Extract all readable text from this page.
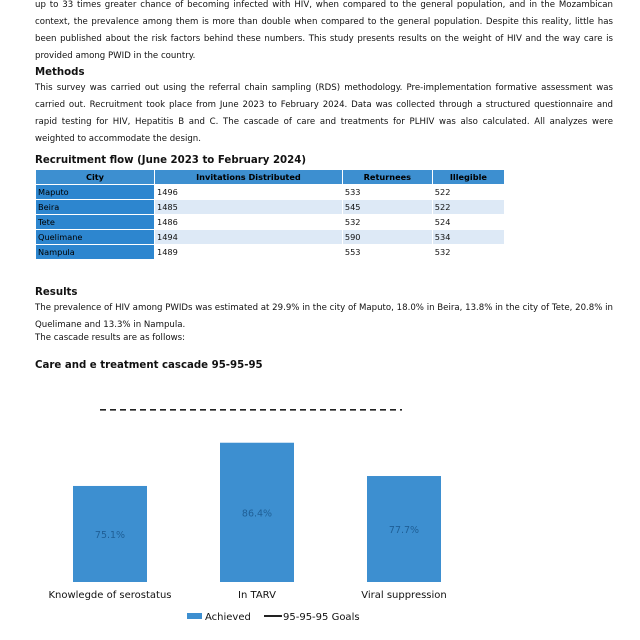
up to 33 times greater chance of becoming infected with HIV, when compared to the general population, and in the Mozambican context, the prevalence among them is more than double when compared to the general population. Despite this reality, little has been published about the risk factors behind these numbers. This study presents results on the weight of HIV and the way care is provided among PWID in the country.

Methods

This survey was carried out using the referral chain sampling (RDS) methodology. Pre-implementation formative assessment was carried out. Recruitment took place from June 2023 to February 2024. Data was collected through a structured questionnaire and rapid testing for HIV, Hepatitis B and C. The cascade of care and treatments for PLHIV was also calculated. All analyzes were weighted to accommodate the design.

Recruitment flow (June 2023 to February 2024)
City	Invitations Distributed	Returnees	Illegible
Maputo	1496	533	522
Beira	1485	545	522
Tete	1486	532	524
Quelimane	1494	590	534
Nampula	1489	553	532
Results

The prevalence of HIV among PWIDs was estimated at 29.9% in the city of Maputo, 18.0% in Beira, 13.8% in the city of Tete, 20.8% in Quelimane and 13.3% in Nampula.

The cascade results are as follows:

Care and e treatment cascade 95-95-95
75.1%
Knowlegde of serostatus
86.4%
In TARV
77.7%
Viral suppression
Achieved	95-95-95 Goals
